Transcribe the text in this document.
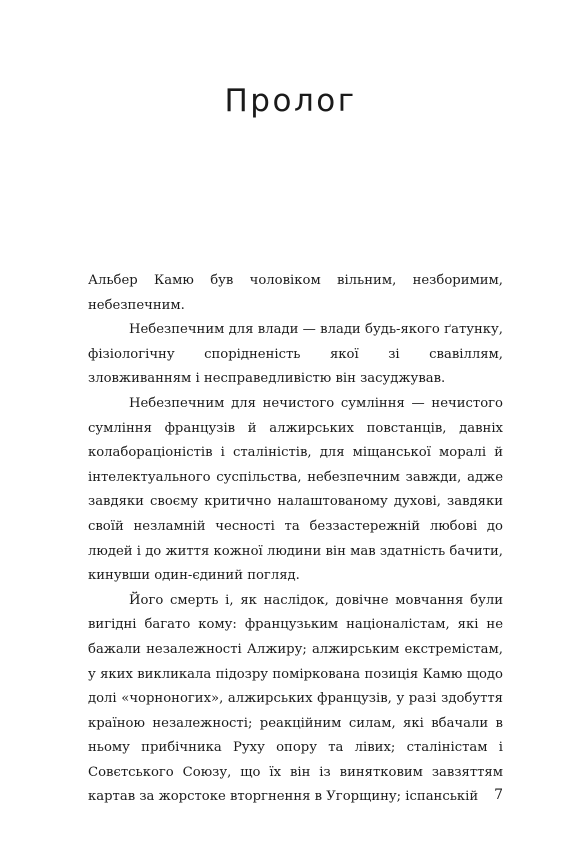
Пролог

Альбер Камю був чоловіком вільним, незборимим, небезпечним.

Небезпечним для влади — влади будь-якого ґатунку, фізіологічну спорідненість якої зі свавіллям, зловживанням і несправедливістю він засуджував.

Небезпечним для нечистого сумління — нечистого сумління французів й алжирських повстанців, давніх колабораціоністів і сталіністів, для міщанської моралі й інтелектуального суспільства, небезпечним завжди, адже завдяки своєму критично налаштованому духові, завдяки своїй незламній чесності та беззастережній любові до людей і до життя кожної людини він мав здатність бачити, кинувши один-єдиний погляд.

Його смерть і, як наслідок, довічне мовчання були вигідні багато кому: французьким націоналістам, які не бажали незалежності Алжиру; алжирським екстремістам, у яких викликала підозру поміркована позиція Камю щодо долі «чорноногих», алжирських французів, у разі здобуття країною незалежності; реакційним силам, які вбачали в ньому прибічника Руху опору та лівих; сталіністам і Совєтського Союзу, що їх він із винятковим завзяттям картав за жорстоке вторгнення в Угорщину; іспанській	7
